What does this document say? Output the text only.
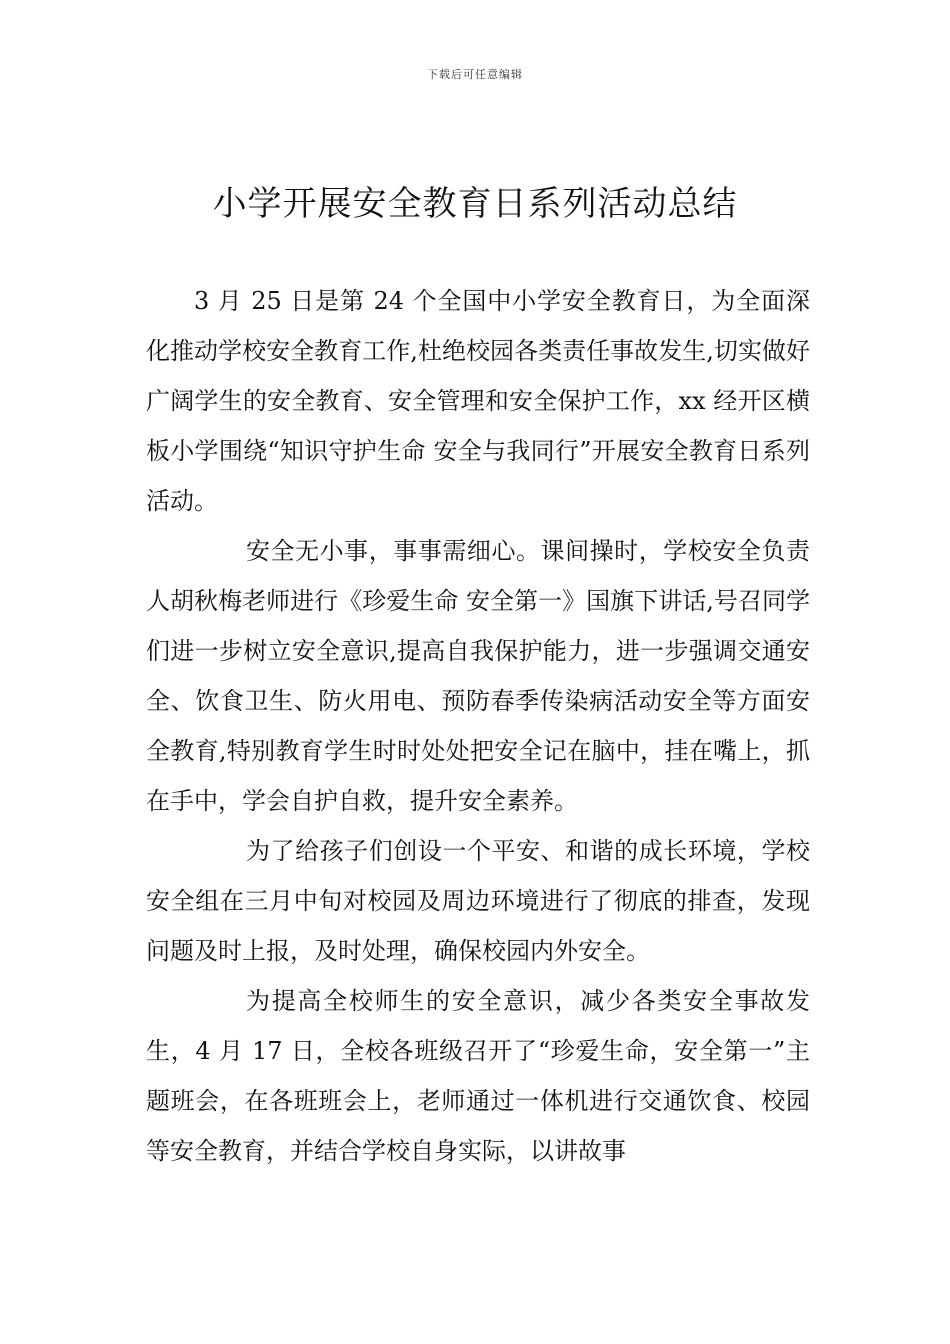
下载后可任意编辑
小学开展安全教育日系列活动总结

3 月 25 日是第 24 个全国中小学安全教育日，为全面深化推动学校安全教育工作,杜绝校园各类责任事故发生,切实做好广阔学生的安全教育、安全管理和安全保护工作，xx 经开区横板小学围绕“知识守护生命 安全与我同行”开展安全教育日系列活动。

安全无小事，事事需细心。课间操时，学校安全负责人胡秋梅老师进行《珍爱生命 安全第一》国旗下讲话,号召同学们进一步树立安全意识,提高自我保护能力，进一步强调交通安全、饮食卫生、防火用电、预防春季传染病活动安全等方面安全教育,特别教育学生时时处处把安全记在脑中，挂在嘴上，抓在手中，学会自护自救，提升安全素养。

为了给孩子们创设一个平安、和谐的成长环境，学校安全组在三月中旬对校园及周边环境进行了彻底的排查，发现问题及时上报，及时处理，确保校园内外安全。

为提高全校师生的安全意识，减少各类安全事故发生，4 月 17 日，全校各班级召开了“珍爱生命，安全第一”主题班会，在各班班会上，老师通过一体机进行交通饮食、校园等安全教育，并结合学校自身实际，以讲故事
